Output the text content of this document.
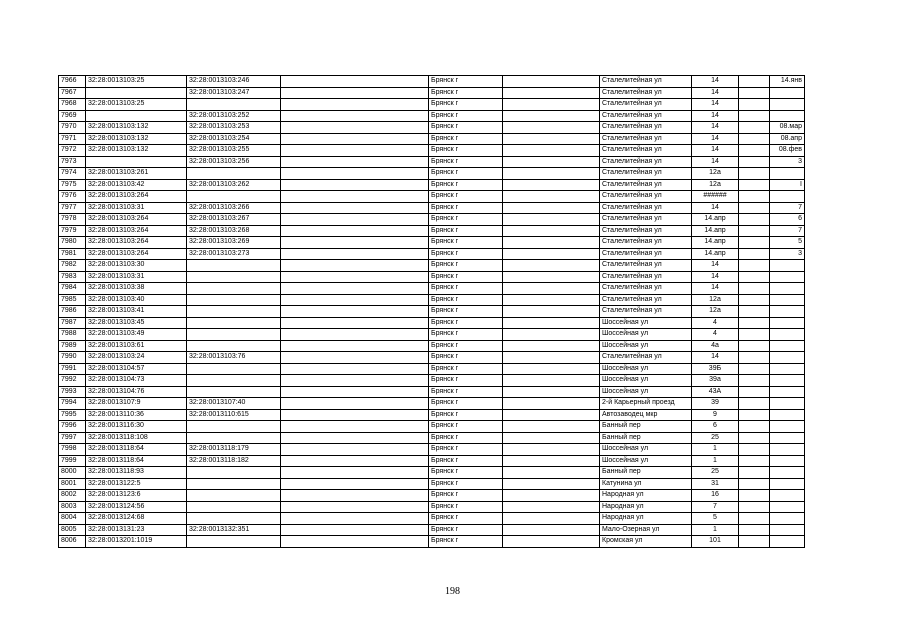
7966	32:28:0013103:25	32:28:0013103:246		Брянск г		Сталелитейная ул	14		14.янв
7967		32:28:0013103:247		Брянск г		Сталелитейная ул	14		
7968	32:28:0013103:25			Брянск г		Сталелитейная ул	14		
7969		32:28:0013103:252		Брянск г		Сталелитейная ул	14		
7970	32:28:0013103:132	32:28:0013103:253		Брянск г		Сталелитейная ул	14		08.мар
7971	32:28:0013103:132	32:28:0013103:254		Брянск г		Сталелитейная ул	14		08.апр
7972	32:28:0013103:132	32:28:0013103:255		Брянск г		Сталелитейная ул	14		08.фев
7973		32:28:0013103:256		Брянск г		Сталелитейная ул	14		3
7974	32:28:0013103:261			Брянск г		Сталелитейная ул	12а		
7975	32:28:0013103:42	32:28:0013103:262		Брянск г		Сталелитейная ул	12а		I
7976	32:28:0013103:264			Брянск г		Сталелитейная ул	######		
7977	32:28:0013103:31	32:28:0013103:266		Брянск г		Сталелитейная ул	14		7
7978	32:28:0013103:264	32:28:0013103:267		Брянск г		Сталелитейная ул	14.апр		6
7979	32:28:0013103:264	32:28:0013103:268		Брянск г		Сталелитейная ул	14.апр		7
7980	32:28:0013103:264	32:28:0013103:269		Брянск г		Сталелитейная ул	14.апр		5
7981	32:28:0013103:264	32:28:0013103:273		Брянск г		Сталелитейная ул	14.апр		3
7982	32:28:0013103:30			Брянск г		Сталелитейная ул	14		
7983	32:28:0013103:31			Брянск г		Сталелитейная ул	14		
7984	32:28:0013103:38			Брянск г		Сталелитейная ул	14		
7985	32:28:0013103:40			Брянск г		Сталелитейная ул	12а		
7986	32:28:0013103:41			Брянск г		Сталелитейная ул	12а		
7987	32:28:0013103:45			Брянск г		Шоссейная ул	4		
7988	32:28:0013103:49			Брянск г		Шоссейная ул	4		
7989	32:28:0013103:61			Брянск г		Шоссейная ул	4а		
7990	32:28:0013103:24	32:28:0013103:76		Брянск г		Сталелитейная ул	14		
7991	32:28:0013104:57			Брянск г		Шоссейная ул	39Б		
7992	32:28:0013104:73			Брянск г		Шоссейная ул	39а		
7993	32:28:0013104:76			Брянск г		Шоссейная ул	43А		
7994	32:28:0013107:9	32:28:0013107:40		Брянск г		2-й Карьерный проезд	39		
7995	32:28:0013110:36	32:28:0013110:615		Брянск г		Автозаводец мкр	9		
7996	32:28:0013116:30			Брянск г		Банный пер	6		
7997	32:28:0013118:108			Брянск г		Банный пер	25		
7998	32:28:0013118:64	32:28:0013118:179		Брянск г		Шоссейная ул	1		
7999	32:28:0013118:64	32:28:0013118:182		Брянск г		Шоссейная ул	1		
8000	32:28:0013118:93			Брянск г		Банный пер	25		
8001	32:28:0013122:5			Брянск г		Катунина ул	31		
8002	32:28:0013123:6			Брянск г		Народная ул	16		
8003	32:28:0013124:56			Брянск г		Народная ул	7		
8004	32:28:0013124:68			Брянск г		Народная ул	5		
8005	32:28:0013131:23	32:28:0013132:351		Брянск г		Мало-Озерная ул	1		
8006	32:28:0013201:1019			Брянск г		Кромская ул	101		
198
